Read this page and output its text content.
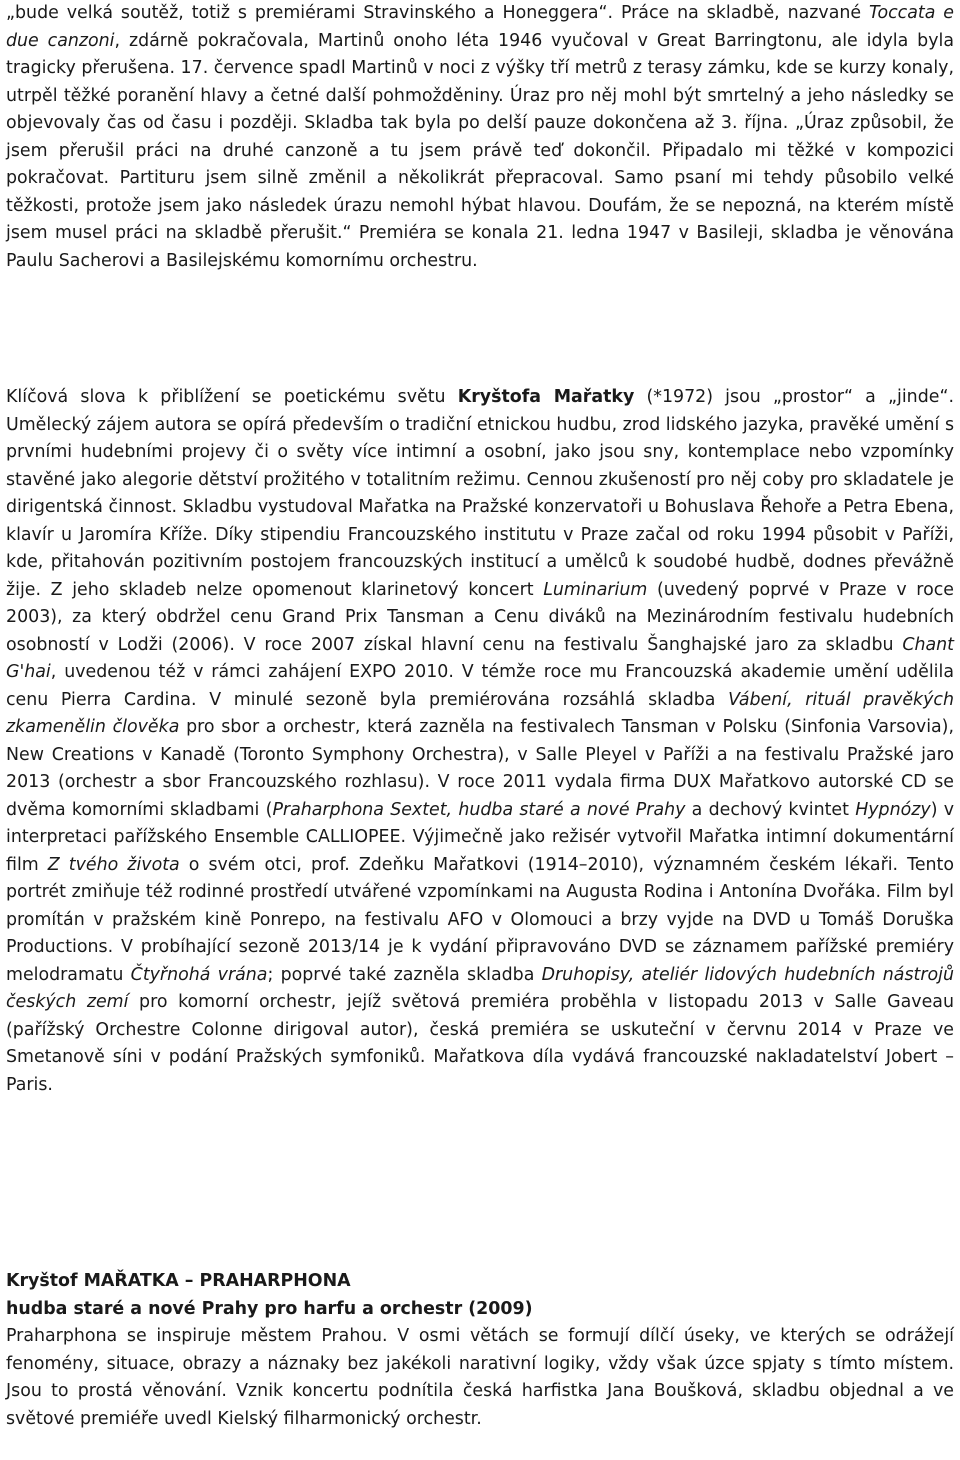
„bude velká soutěž, totiž s premiérami Stravinského a Honeggera“. Práce na skladbě, nazvané Toccata e due canzoni, zdárně pokračovala, Martinů onoho léta 1946 vyučoval v Great Barringtonu, ale idyla byla tragicky přerušena. 17. července spadl Martinů v noci z výšky tří metrů z terasy zámku, kde se kurzy konaly, utrpěl těžké poranění hlavy a četné další pohmožděniny. Úraz pro něj mohl být smrtelný a jeho následky se objevovaly čas od času i později. Skladba tak byla po delší pauze dokončena až 3. října. „Úraz způsobil, že jsem přerušil práci na druhé canzoně a tu jsem právě teď dokončil. Připadalo mi těžké v kompozici pokračovat. Partituru jsem silně změnil a několikrát přepracoval. Samo psaní mi tehdy působilo velké těžkosti, protože jsem jako následek úrazu nemohl hýbat hlavou. Doufám, že se nepozná, na kterém místě jsem musel práci na skladbě přerušit.“ Premiéra se konala 21. ledna 1947 v Basileji, skladba je věnována Paulu Sacherovi a Basilejskému komornímu orchestru.

Klíčová slova k přiblížení se poetickému světu Kryštofa Mařatky (*1972) jsou „prostor“ a „jinde“. Umělecký zájem autora se opírá především o tradiční etnickou hudbu, zrod lidského jazyka, pravěké umění s prvními hudebními projevy či o světy více intimní a osobní, jako jsou sny, kontemplace nebo vzpomínky stavěné jako alegorie dětství prožitého v totalitním režimu. Cennou zkušeností pro něj coby pro skladatele je dirigentská činnost. Skladbu vystudoval Mařatka na Pražské konzervatoři u Bohuslava Řehoře a Petra Ebena, klavír u Jaromíra Kříže. Díky stipendiu Francouzského institutu v Praze začal od roku 1994 působit v Paříži, kde, přitahován pozitivním postojem francouzských institucí a umělců k soudobé hudbě, dodnes převážně žije. Z jeho skladeb nelze opomenout klarinetový koncert Luminarium (uvedený poprvé v Praze v roce 2003), za který obdržel cenu Grand Prix Tansman a Cenu diváků na Mezinárodním festivalu hudebních osobností v Lodži (2006). V roce 2007 získal hlavní cenu na festivalu Šanghajské jaro za skladbu Chant G'hai, uvedenou též v rámci zahájení EXPO 2010. V témže roce mu Francouzská akademie umění udělila cenu Pierra Cardina. V minulé sezoně byla premiérována rozsáhlá skladba Vábení, rituál pravěkých zkamenělin člověka pro sbor a orchestr, která zazněla na festivalech Tansman v Polsku (Sinfonia Varsovia), New Creations v Kanadě (Toronto Symphony Orchestra), v Salle Pleyel v Paříži a na festivalu Pražské jaro 2013 (orchestr a sbor Francouzského rozhlasu). V roce 2011 vydala firma DUX Mařatkovo autorské CD se dvěma komorními skladbami (Praharphona Sextet, hudba staré a nové Prahy a dechový kvintet Hypnózy) v interpretaci pařížského Ensemble CALLIOPEE. Výjimečně jako režisér vytvořil Mařatka intimní dokumentární film Z tvého života o svém otci, prof. Zdeňku Mařatkovi (1914–2010), významném českém lékaři. Tento portrét zmiňuje též rodinné prostředí utvářené vzpomínkami na Augusta Rodina i Antonína Dvořáka. Film byl promítán v pražském kině Ponrepo, na festivalu AFO v Olomouci a brzy vyjde na DVD u Tomáš Doruška Productions. V probíhající sezoně 2013/14 je k vydání připravováno DVD se záznamem pařížské premiéry melodramatu Čtyřnohá vrána; poprvé také zazněla skladba Druhopisy, ateliér lidových hudebních nástrojů českých zemí pro komorní orchestr, jejíž světová premiéra proběhla v listopadu 2013 v Salle Gaveau (pařížský Orchestre Colonne dirigoval autor), česká premiéra se uskuteční v červnu 2014 v Praze ve Smetanově síni v podání Pražských symfoniků. Mařatkova díla vydává francouzské nakladatelství Jobert – Paris.

Kryštof MAŘATKA – PRAHARPHONA
hudba staré a nové Prahy pro harfu a orchestr (2009)

Praharphona se inspiruje městem Prahou. V osmi větách se formují dílčí úseky, ve kterých se odrážejí fenomény, situace, obrazy a náznaky bez jakékoli narativní logiky, vždy však úzce spjaty s tímto místem. Jsou to prostá věnování. Vznik koncertu podnítila česká harfistka Jana Boušková, skladbu objednal a ve světové premiéře uvedl Kielský filharmonický orchestr.
